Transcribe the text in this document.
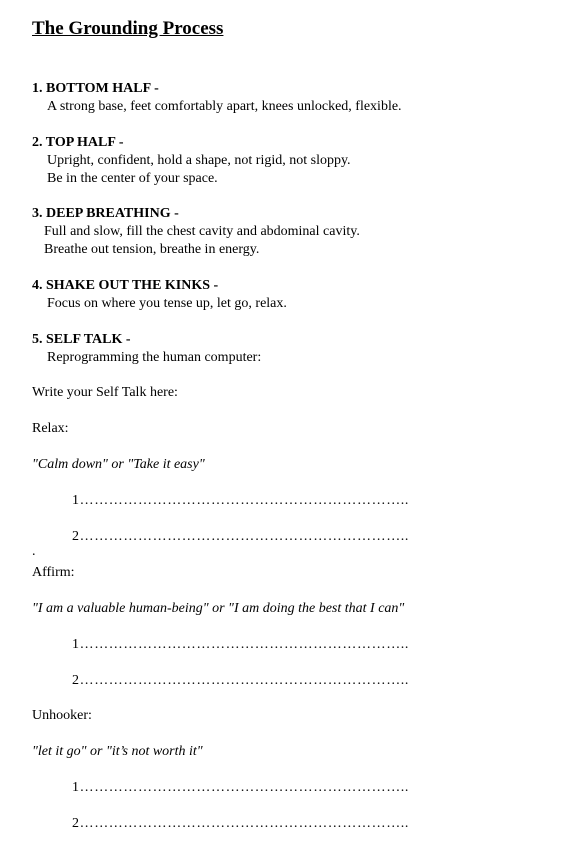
The Grounding Process
1. BOTTOM HALF -
A strong base, feet comfortably apart, knees unlocked, flexible.
2. TOP HALF -
Upright, confident, hold a shape, not rigid, not sloppy.
Be in the center of your space.
3. DEEP BREATHING -
Full and slow, fill the chest cavity and abdominal cavity.
Breathe out tension, breathe in energy.
4. SHAKE OUT THE KINKS -
Focus on where you tense up, let go, relax.
5. SELF TALK -
Reprogramming the human computer:
Write your Self Talk here:
Relax:
"Calm down" or "Take it easy"
1…………………………………………………………..
2…………………………………………………………..
.
Affirm:
"I am a valuable human-being" or "I am doing the best that I can"
1…………………………………………………………..
2…………………………………………………………..
Unhooker:
"let it go" or "it’s not worth it"
1…………………………………………………………..
2…………………………………………………………..
